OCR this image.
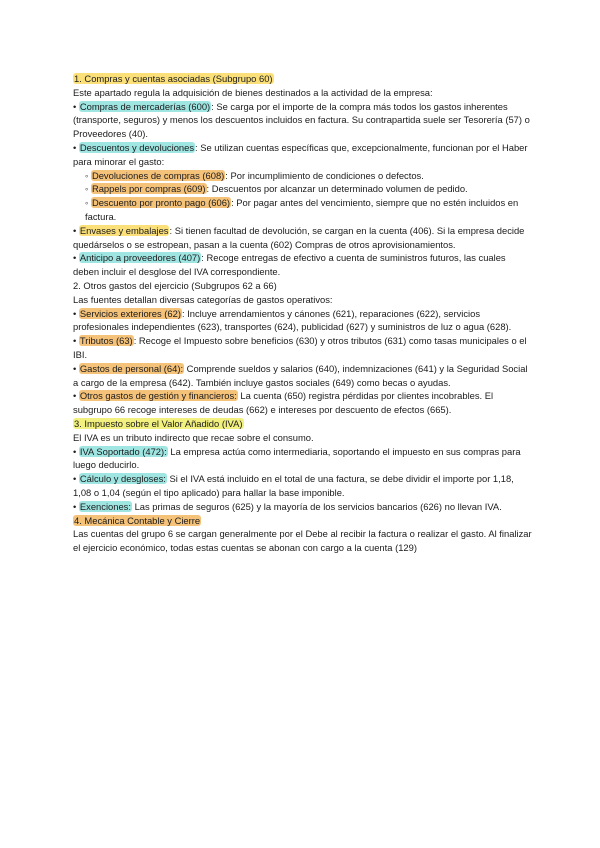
1. Compras y cuentas asociadas (Subgrupo 60)

Este apartado regula la adquisición de bienes destinados a la actividad de la empresa:

• Compras de mercaderías (600): Se carga por el importe de la compra más todos los gastos inherentes (transporte, seguros) y menos los descuentos incluidos en factura. Su contrapartida suele ser Tesorería (57) o Proveedores (40).

• Descuentos y devoluciones: Se utilizan cuentas específicas que, excepcionalmente, funcionan por el Haber para minorar el gasto:

◦ Devoluciones de compras (608): Por incumplimiento de condiciones o defectos.

◦ Rappels por compras (609): Descuentos por alcanzar un determinado volumen de pedido.

◦ Descuento por pronto pago (606): Por pagar antes del vencimiento, siempre que no estén incluidos en factura.

• Envases y embalajes: Si tienen facultad de devolución, se cargan en la cuenta (406). Si la empresa decide quedárselos o se estropean, pasan a la cuenta (602) Compras de otros aprovisionamientos.

• Anticipo a proveedores (407): Recoge entregas de efectivo a cuenta de suministros futuros, las cuales deben incluir el desglose del IVA correspondiente.

2. Otros gastos del ejercicio (Subgrupos 62 a 66)

Las fuentes detallan diversas categorías de gastos operativos:

• Servicios exteriores (62): Incluye arrendamientos y cánones (621), reparaciones (622), servicios profesionales independientes (623), transportes (624), publicidad (627) y suministros de luz o agua (628).

• Tributos (63): Recoge el Impuesto sobre beneficios (630) y otros tributos (631) como tasas municipales o el IBI.

• Gastos de personal (64): Comprende sueldos y salarios (640), indemnizaciones (641) y la Seguridad Social a cargo de la empresa (642). También incluye gastos sociales (649) como becas o ayudas.

• Otros gastos de gestión y financieros: La cuenta (650) registra pérdidas por clientes incobrables. El subgrupo 66 recoge intereses de deudas (662) e intereses por descuento de efectos (665).

3. Impuesto sobre el Valor Añadido (IVA)

El IVA es un tributo indirecto que recae sobre el consumo.

• IVA Soportado (472): La empresa actúa como intermediaria, soportando el impuesto en sus compras para luego deducirlo.

• Cálculo y desgloses: Si el IVA está incluido en el total de una factura, se debe dividir el importe por 1,18, 1,08 o 1,04 (según el tipo aplicado) para hallar la base imponible.

• Exenciones: Las primas de seguros (625) y la mayoría de los servicios bancarios (626) no llevan IVA.

4. Mecánica Contable y Cierre

Las cuentas del grupo 6 se cargan generalmente por el Debe al recibir la factura o realizar el gasto. Al finalizar el ejercicio económico, todas estas cuentas se abonan con cargo a la cuenta (129)
